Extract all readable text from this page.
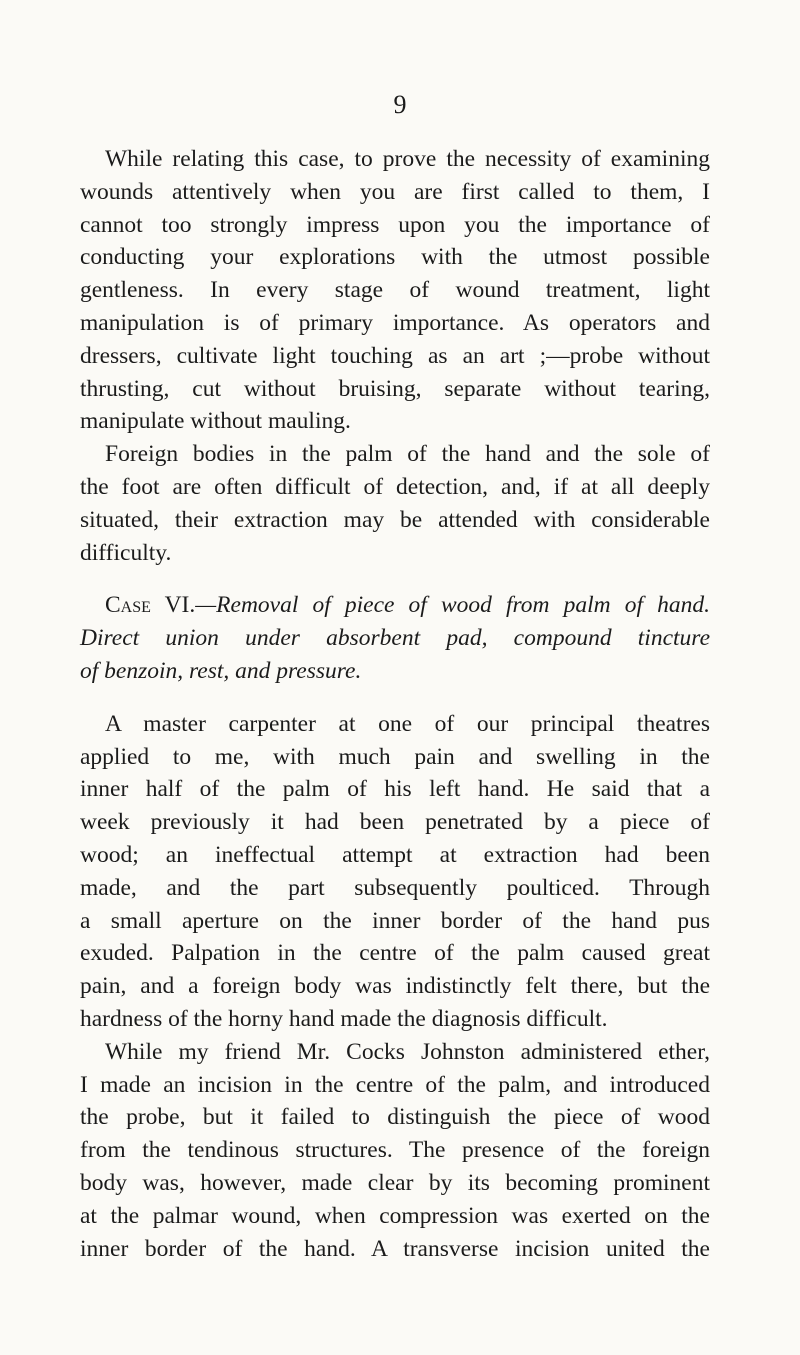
9
While relating this case, to prove the necessity of examining
wounds attentively when you are first called to them, I
cannot too strongly impress upon you the importance of
conducting your explorations with the utmost possible
gentleness. In every stage of wound treatment, light
manipulation is of primary importance. As operators and
dressers, cultivate light touching as an art ;—probe without
thrusting, cut without bruising, separate without tearing,
manipulate without mauling.
Foreign bodies in the palm of the hand and the sole of
the foot are often difficult of detection, and, if at all deeply
situated, their extraction may be attended with considerable
difficulty.
Case VI.—Removal of piece of wood from palm of hand.
Direct union under absorbent pad, compound tincture
of benzoin, rest, and pressure.
A master carpenter at one of our principal theatres
applied to me, with much pain and swelling in the
inner half of the palm of his left hand. He said that a
week previously it had been penetrated by a piece of
wood; an ineffectual attempt at extraction had been
made, and the part subsequently poulticed. Through
a small aperture on the inner border of the hand pus
exuded. Palpation in the centre of the palm caused great
pain, and a foreign body was indistinctly felt there, but the
hardness of the horny hand made the diagnosis difficult.
While my friend Mr. Cocks Johnston administered ether,
I made an incision in the centre of the palm, and introduced
the probe, but it failed to distinguish the piece of wood
from the tendinous structures. The presence of the foreign
body was, however, made clear by its becoming prominent
at the palmar wound, when compression was exerted on the
inner border of the hand. A transverse incision united the
